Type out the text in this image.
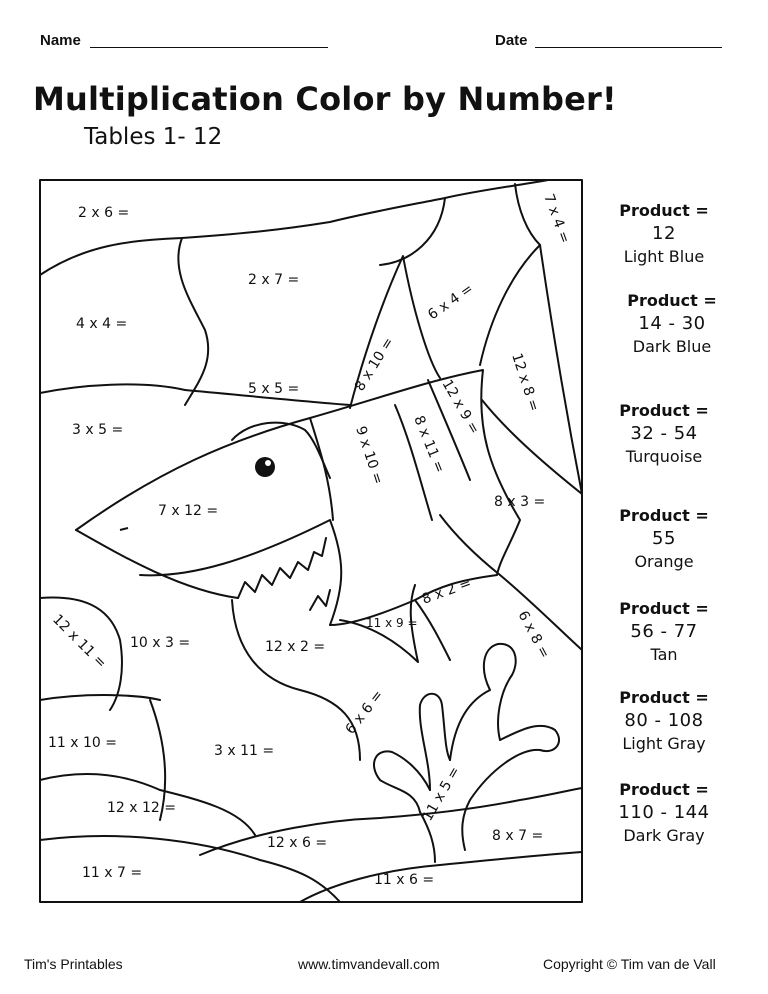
Name	Date
Multiplication Color by Number!
Tables 1- 12
2 x 6 =	7 x 4 =
2 x 7 =
4 x 4 =
6 x 4 =
8 x 10 =	12 x 8 =
5 x 5 =	12 x 9 =
3 x 5 =	9 x 10 = 8 x 11 =
8 x 3 =
7 x 12 =
8 x 2 =
12 x 11 = 10 x 3 =	12 x 2 =
11 x 9 =	6 x 8 =
6 x 6 =
11 x 10 =	3 x 11 =
11 x 5 =
12 x 12 =
8 x 7 =
12 x 6 =
11 x 7 =	11 x 6 =
Product =
12
Light Blue
Product =
14 - 30
Dark Blue
Product =
32 - 54
Turquoise
Product =
55
Orange
Product =
56 - 77
Tan
Product =
80 - 108
Light Gray
Product =
110 - 144
Dark Gray
Tim's Printables	www.timvandevall.com	Copyright © Tim van de Vall
